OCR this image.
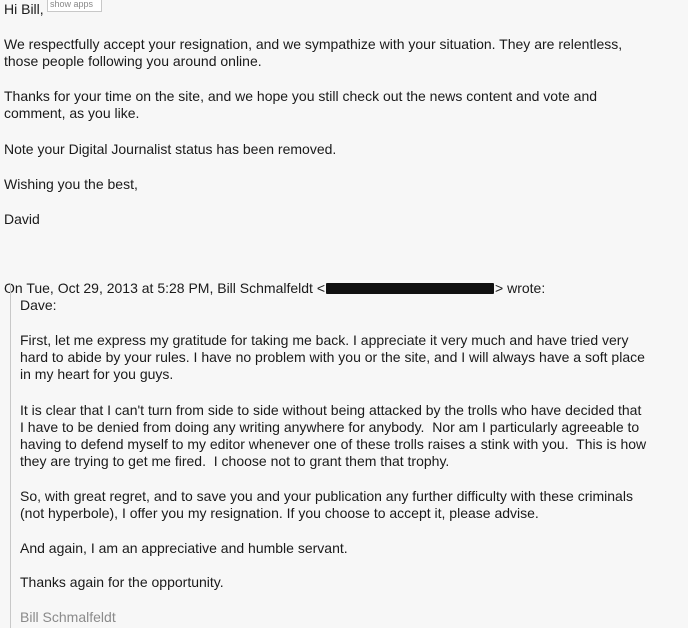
Hi Bill, show apps

We respectfully accept your resignation, and we sympathize with your situation. They are relentless,
those people following you around online.

Thanks for your time on the site, and we hope you still check out the news content and vote and
comment, as you like.

Note your Digital Journalist status has been removed.

Wishing you the best,

David

On Tue, Oct 29, 2013 at 5:28 PM, Bill Schmalfeldt <	> wrote:

Dave:

First, let me express my gratitude for taking me back. I appreciate it very much and have tried very
hard to abide by your rules. I have no problem with you or the site, and I will always have a soft place
in my heart for you guys.

It is clear that I can't turn from side to side without being attacked by the trolls who have decided that
I have to be denied from doing any writing anywhere for anybody.  Nor am I particularly agreeable to
having to defend myself to my editor whenever one of these trolls raises a stink with you.  This is how
they are trying to get me fired.  I choose not to grant them that trophy.

So, with great regret, and to save you and your publication any further difficulty with these criminals
(not hyperbole), I offer you my resignation. If you choose to accept it, please advise.

And again, I am an appreciative and humble servant.

Thanks again for the opportunity.

Bill Schmalfeldt
